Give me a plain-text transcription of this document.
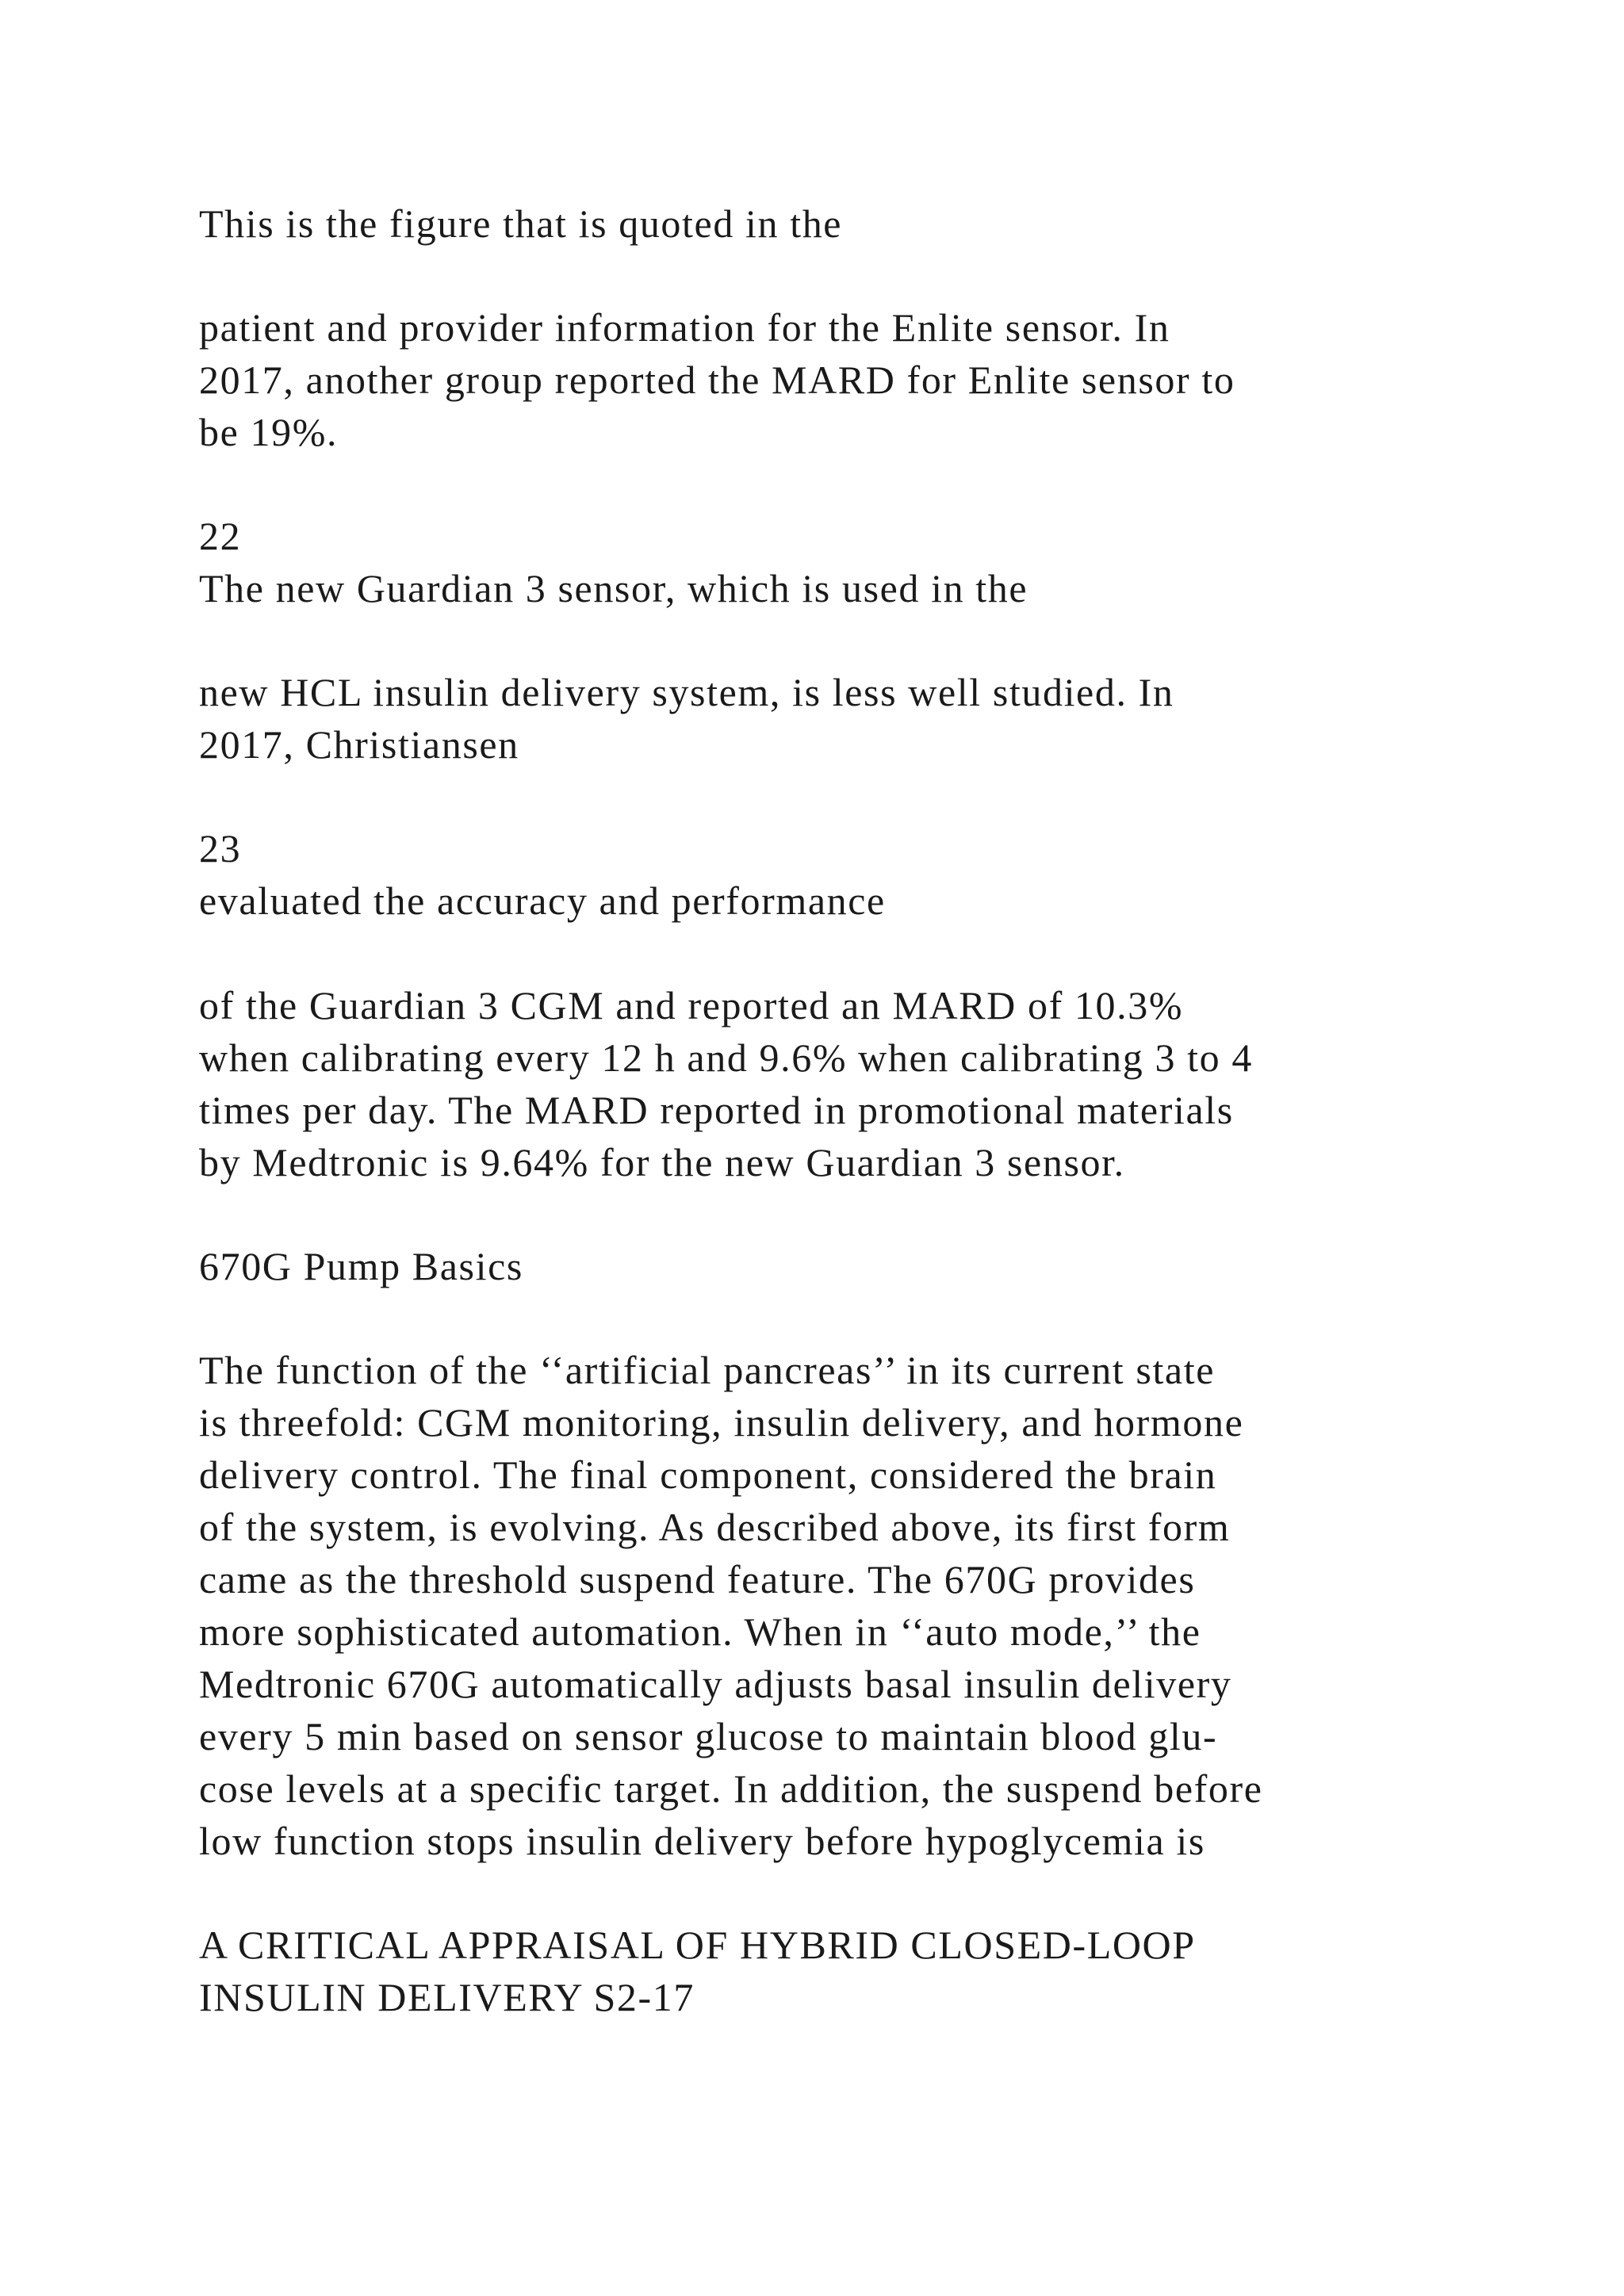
This is the figure that is quoted in the
patient and provider information for the Enlite sensor. In
2017, another group reported the MARD for Enlite sensor to
be 19%.
22
The new Guardian 3 sensor, which is used in the
new HCL insulin delivery system, is less well studied. In
2017, Christiansen
23
evaluated the accuracy and performance
of the Guardian 3 CGM and reported an MARD of 10.3%
when calibrating every 12 h and 9.6% when calibrating 3 to 4
times per day. The MARD reported in promotional materials
by Medtronic is 9.64% for the new Guardian 3 sensor.
670G Pump Basics
The function of the ‘‘artificial pancreas’’ in its current state
is threefold: CGM monitoring, insulin delivery, and hormone
delivery control. The final component, considered the brain
of the system, is evolving. As described above, its first form
came as the threshold suspend feature. The 670G provides
more sophisticated automation. When in ‘‘auto mode,’’ the
Medtronic 670G automatically adjusts basal insulin delivery
every 5 min based on sensor glucose to maintain blood glu-
cose levels at a specific target. In addition, the suspend before
low function stops insulin delivery before hypoglycemia is
A CRITICAL APPRAISAL OF HYBRID CLOSED-LOOP
INSULIN DELIVERY S2-17
